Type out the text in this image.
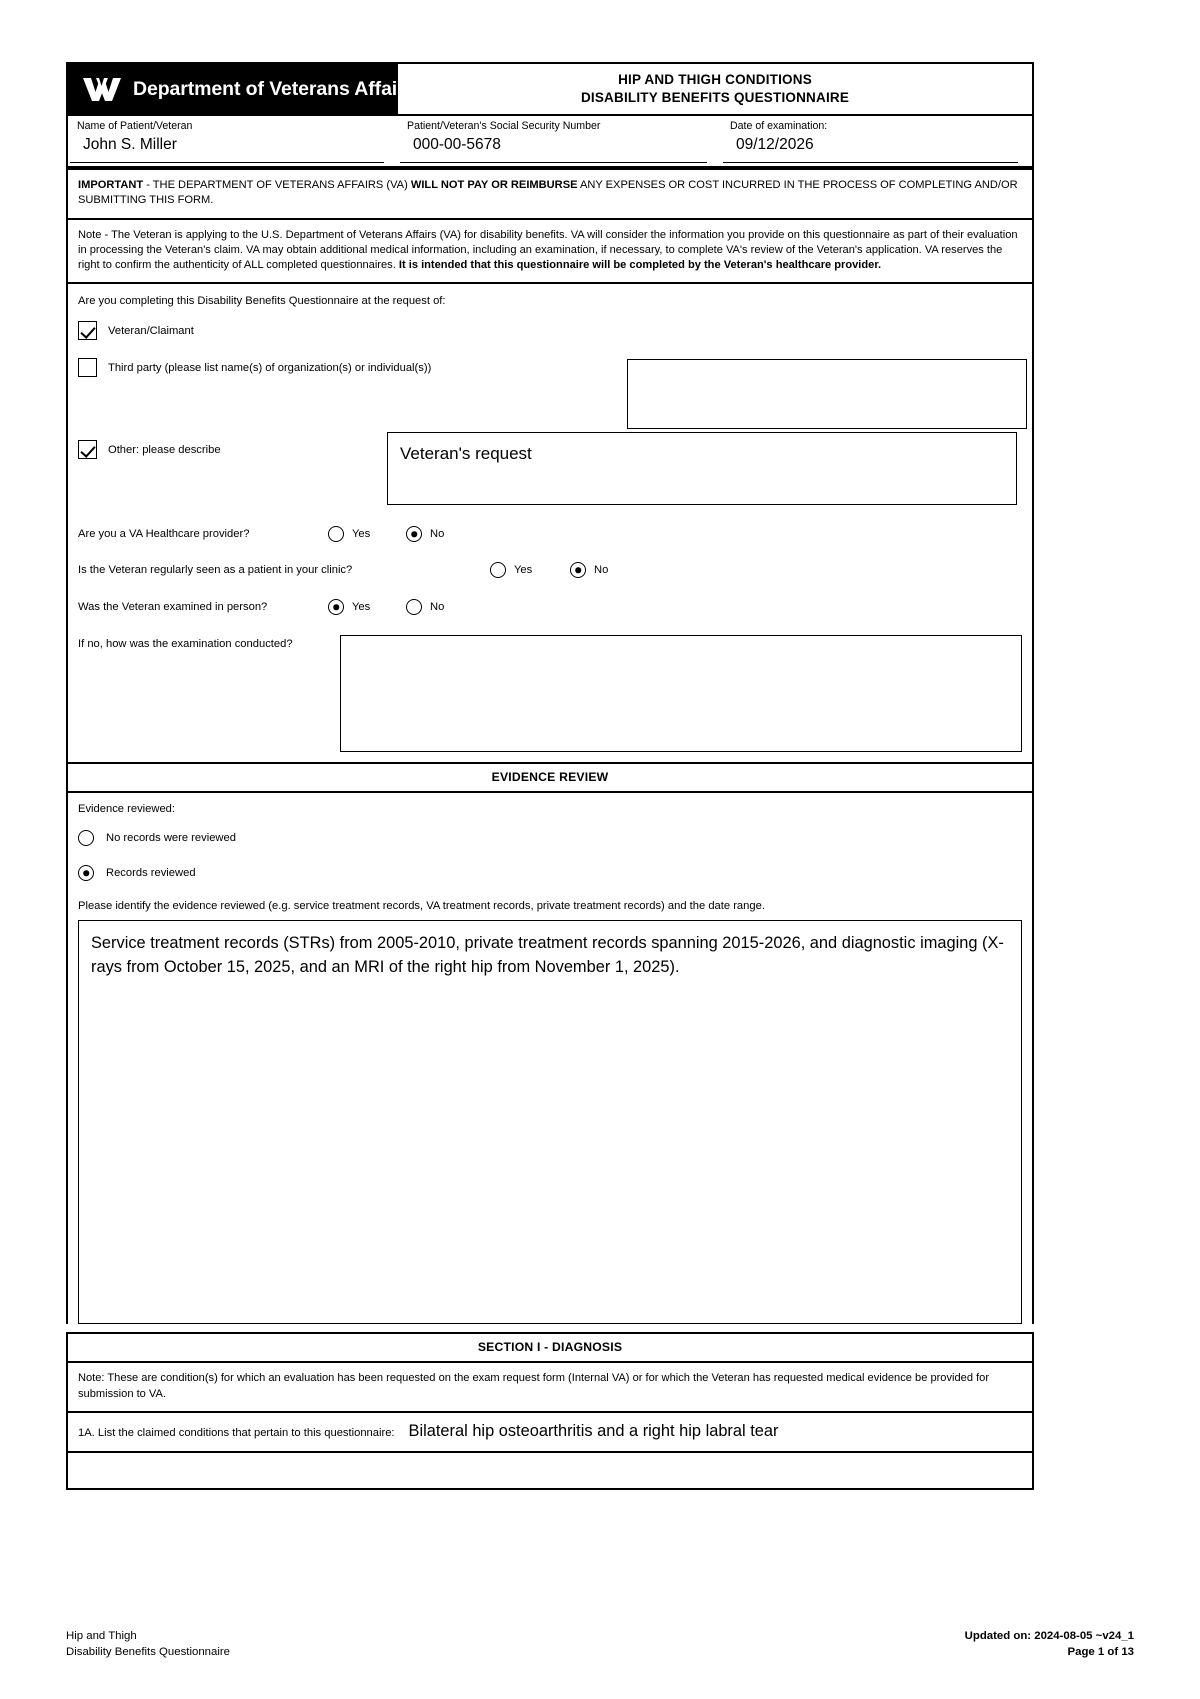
Department of Veterans Affairs	HIP AND THIGH CONDITIONS
DISABILITY BENEFITS QUESTIONNAIRE
Name of Patient/Veteran
John S. Miller
Patient/Veteran's Social Security Number
000-00-5678
Date of examination:
09/12/2026
IMPORTANT - THE DEPARTMENT OF VETERANS AFFAIRS (VA) WILL NOT PAY OR REIMBURSE ANY EXPENSES OR COST INCURRED IN THE PROCESS OF COMPLETING AND/OR SUBMITTING THIS FORM.
Note - The Veteran is applying to the U.S. Department of Veterans Affairs (VA) for disability benefits. VA will consider the information you provide on this questionnaire as part of their evaluation in processing the Veteran's claim. VA may obtain additional medical information, including an examination, if necessary, to complete VA's review of the Veteran's application. VA reserves the right to confirm the authenticity of ALL completed questionnaires. It is intended that this questionnaire will be completed by the Veteran's healthcare provider.
Are you completing this Disability Benefits Questionnaire at the request of:
Veteran/Claimant
Third party (please list name(s) of organization(s) or individual(s))
Other: please describe	Veteran's request
Are you a VA Healthcare provider?	Yes	No
Is the Veteran regularly seen as a patient in your clinic?	Yes	No
Was the Veteran examined in person?	Yes	No
If no, how was the examination conducted?
EVIDENCE REVIEW
Evidence reviewed:
No records were reviewed
Records reviewed
Please identify the evidence reviewed (e.g. service treatment records, VA treatment records, private treatment records) and the date range.
Service treatment records (STRs) from 2005-2010, private treatment records spanning 2015-2026, and diagnostic imaging (X-rays from October 15, 2025, and an MRI of the right hip from November 1, 2025).
SECTION I - DIAGNOSIS
Note: These are condition(s) for which an evaluation has been requested on the exam request form (Internal VA) or for which the Veteran has requested medical evidence be provided for submission to VA.
1A. List the claimed conditions that pertain to this questionnaire: Bilateral hip osteoarthritis and a right hip labral tear
Hip and Thigh
Disability Benefits Questionnaire
Updated on: 2024-08-05 ~v24_1
Page 1 of 13
